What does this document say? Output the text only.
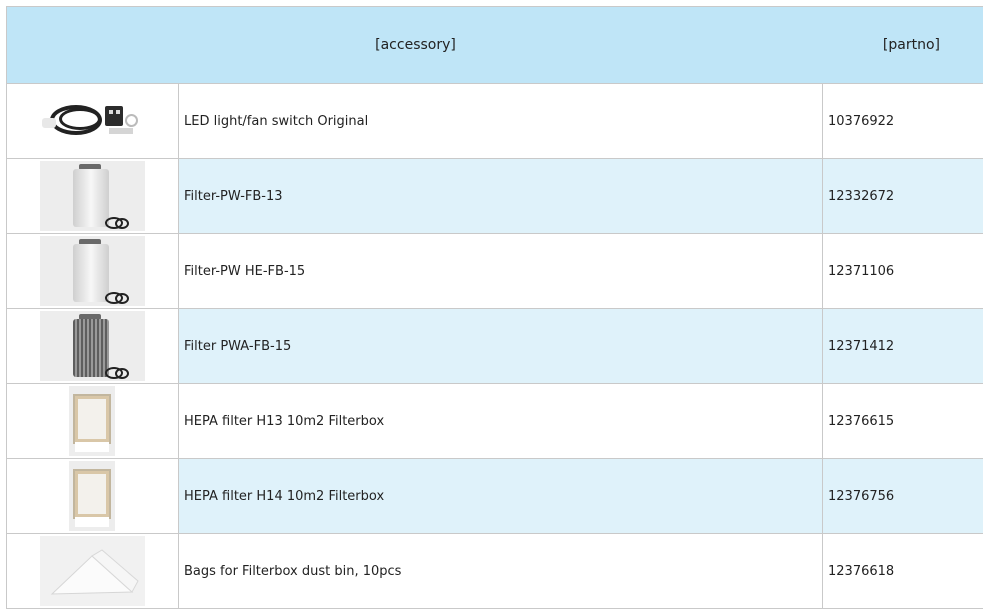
[accessory]	[partno]
LED light/fan switch Original	10376922
Filter-PW-FB-13	12332672
Filter-PW HE-FB-15	12371106
Filter PWA-FB-15	12371412
HEPA filter H13 10m2 Filterbox	12376615
HEPA filter H14 10m2 Filterbox	12376756
Bags for Filterbox dust bin, 10pcs	12376618
